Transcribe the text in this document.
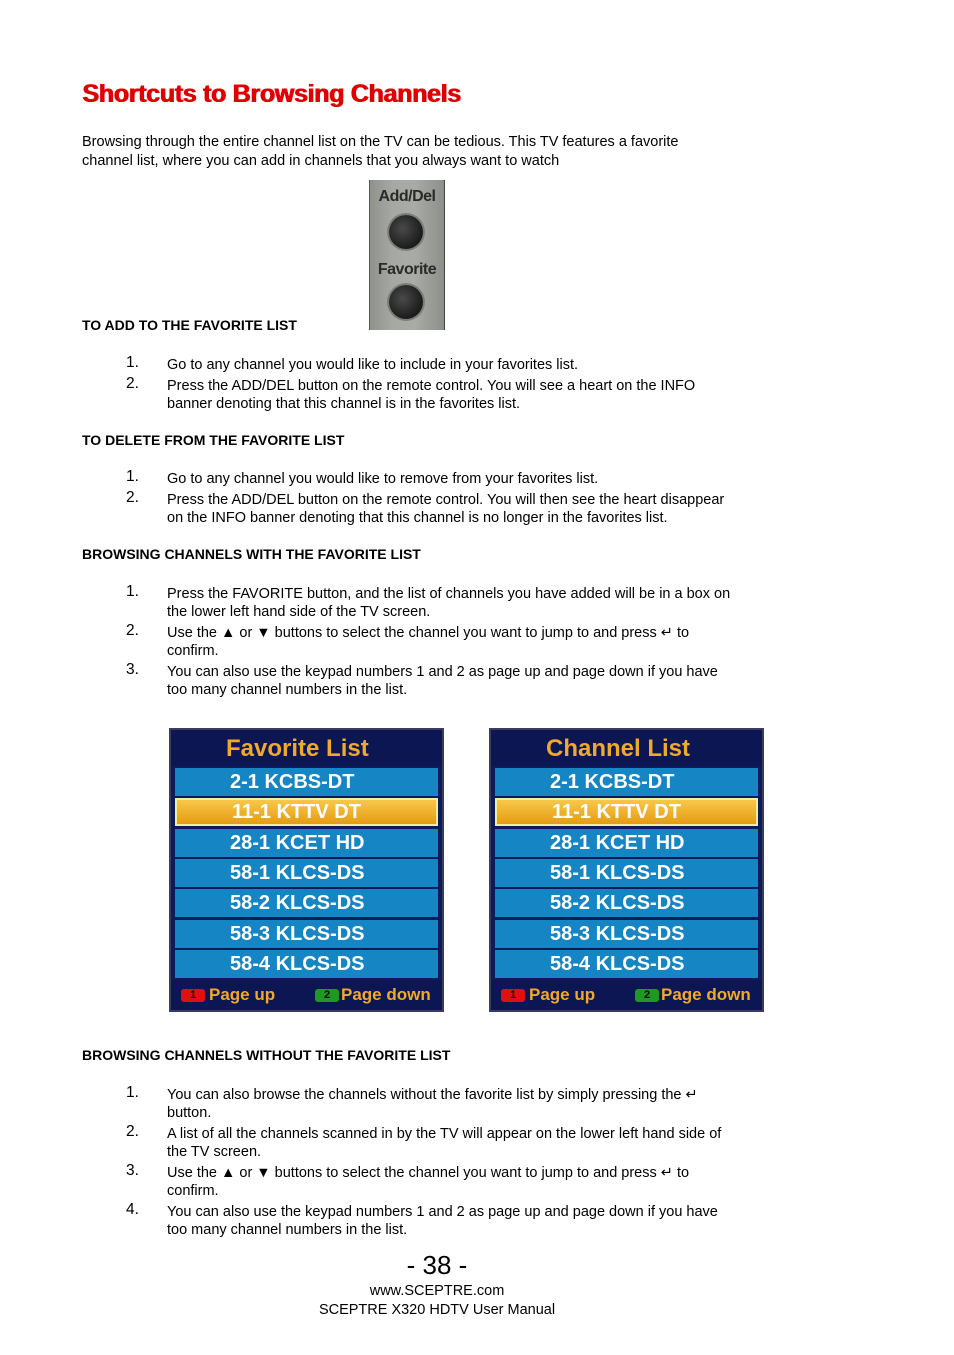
Shortcuts to Browsing Channels
Browsing through the entire channel list on the TV can be tedious. This TV features a favorite
channel list, where you can add in channels that you always want to watch
Add/Del
Favorite
TO ADD TO THE FAVORITE LIST
1.	Go to any channel you would like to include in your favorites list.
2.	Press the ADD/DEL button on the remote control. You will see a heart on the INFO
banner denoting that this channel is in the favorites list.
TO DELETE FROM THE FAVORITE LIST
1.	Go to any channel you would like to remove from your favorites list.
2.	Press the ADD/DEL button on the remote control. You will then see the heart disappear
on the INFO banner denoting that this channel is no longer in the favorites list.
BROWSING CHANNELS WITH THE FAVORITE LIST
1.	Press the FAVORITE button, and the list of channels you have added will be in a box on
the lower left hand side of the TV screen.
2.	Use the ▲ or ▼ buttons to select the channel you want to jump to and press ↵ to
confirm.
3.	You can also use the keypad numbers 1 and 2 as page up and page down if you have
too many channel numbers in the list.
Favorite List
2-1 KCBS-DT
11-1 KTTV DT
28-1 KCET HD
58-1 KLCS-DS
58-2 KLCS-DS
58-3 KLCS-DS
58-4 KLCS-DS
1 Page up	2 Page down
Channel List
2-1 KCBS-DT
11-1 KTTV DT
28-1 KCET HD
58-1 KLCS-DS
58-2 KLCS-DS
58-3 KLCS-DS
58-4 KLCS-DS
1 Page up	2 Page down
BROWSING CHANNELS WITHOUT THE FAVORITE LIST
1.	You can also browse the channels without the favorite list by simply pressing the ↵
button.
2.	A list of all the channels scanned in by the TV will appear on the lower left hand side of
the TV screen.
3.	Use the ▲ or ▼ buttons to select the channel you want to jump to and press ↵ to
confirm.
4.	You can also use the keypad numbers 1 and 2 as page up and page down if you have
too many channel numbers in the list.
- 38 -
www.SCEPTRE.com
SCEPTRE X320 HDTV User Manual
